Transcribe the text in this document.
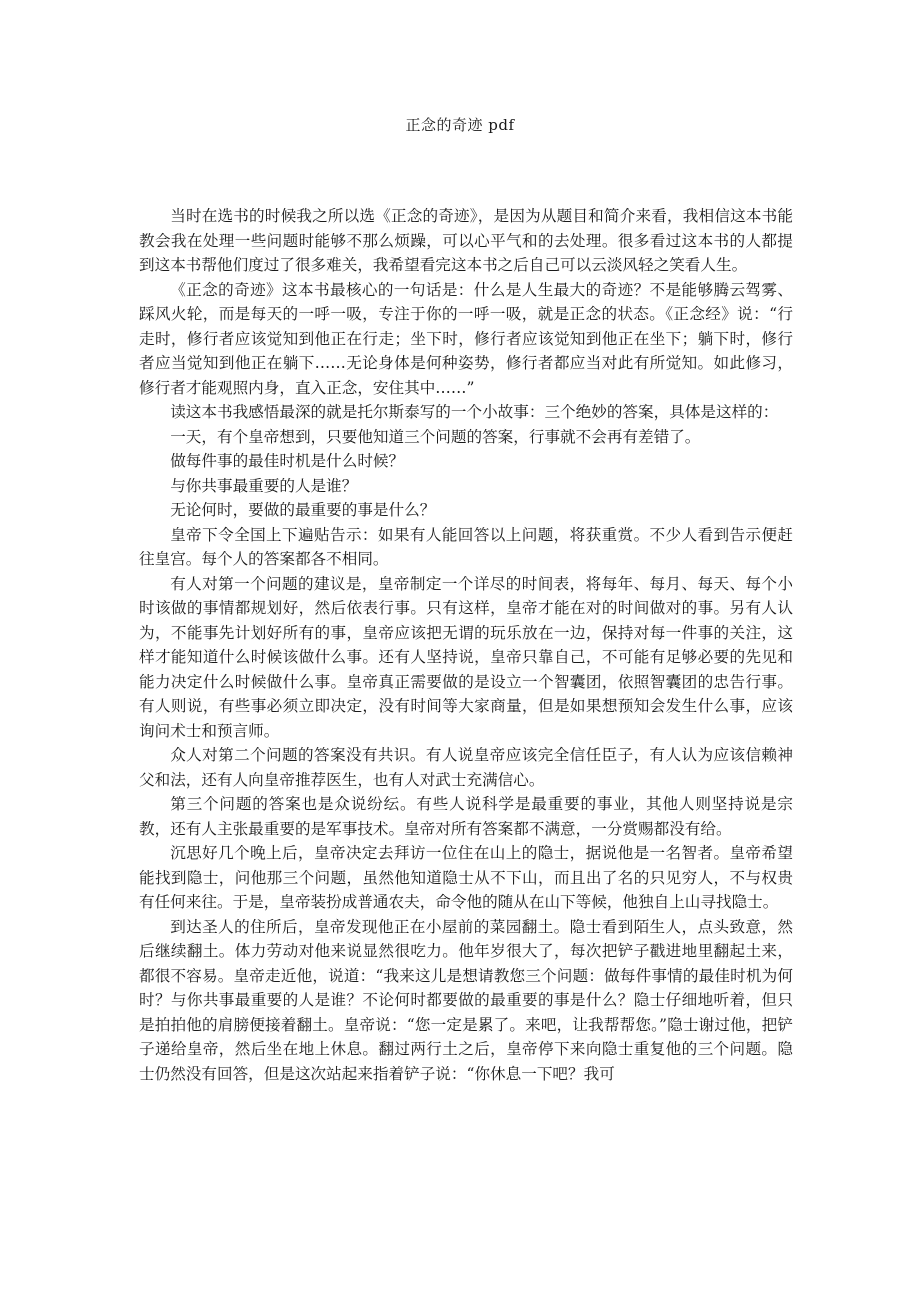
正念的奇迹 pdf

当时在选书的时候我之所以选《正念的奇迹》，是因为从题目和简介来看，我相信这本书能教会我在处理一些问题时能够不那么烦躁，可以心平气和的去处理。很多看过这本书的人都提到这本书帮他们度过了很多难关，我希望看完这本书之后自己可以云淡风轻之笑看人生。

《正念的奇迹》这本书最核心的一句话是：什么是人生最大的奇迹？不是能够腾云驾雾、踩风火轮，而是每天的一呼一吸，专注于你的一呼一吸，就是正念的状态。《正念经》说：“行走时，修行者应该觉知到他正在行走；坐下时，修行者应该觉知到他正在坐下；躺下时，修行者应当觉知到他正在躺下……无论身体是何种姿势，修行者都应当对此有所觉知。如此修习，修行者才能观照内身，直入正念，安住其中……”

读这本书我感悟最深的就是托尔斯泰写的一个小故事：三个绝妙的答案，具体是这样的：

一天，有个皇帝想到，只要他知道三个问题的答案，行事就不会再有差错了。

做每件事的最佳时机是什么时候？

与你共事最重要的人是谁？

无论何时，要做的最重要的事是什么？

皇帝下令全国上下遍贴告示：如果有人能回答以上问题，将获重赏。不少人看到告示便赶往皇宫。每个人的答案都各不相同。

有人对第一个问题的建议是，皇帝制定一个详尽的时间表，将每年、每月、每天、每个小时该做的事情都规划好，然后依表行事。只有这样，皇帝才能在对的时间做对的事。另有人认为，不能事先计划好所有的事，皇帝应该把无谓的玩乐放在一边，保持对每一件事的关注，这样才能知道什么时候该做什么事。还有人坚持说，皇帝只靠自己，不可能有足够必要的先见和能力决定什么时候做什么事。皇帝真正需要做的是设立一个智囊团，依照智囊团的忠告行事。有人则说，有些事必须立即决定，没有时间等大家商量，但是如果想预知会发生什么事，应该询问术士和预言师。

众人对第二个问题的答案没有共识。有人说皇帝应该完全信任臣子，有人认为应该信赖神父和法，还有人向皇帝推荐医生，也有人对武士充满信心。

第三个问题的答案也是众说纷纭。有些人说科学是最重要的事业，其他人则坚持说是宗教，还有人主张最重要的是军事技术。皇帝对所有答案都不满意，一分赏赐都没有给。

沉思好几个晚上后，皇帝决定去拜访一位住在山上的隐士，据说他是一名智者。皇帝希望能找到隐士，问他那三个问题，虽然他知道隐士从不下山，而且出了名的只见穷人，不与权贵有任何来往。于是，皇帝装扮成普通农夫，命令他的随从在山下等候，他独自上山寻找隐士。

到达圣人的住所后，皇帝发现他正在小屋前的菜园翻土。隐士看到陌生人，点头致意，然后继续翻土。体力劳动对他来说显然很吃力。他年岁很大了，每次把铲子戳进地里翻起土来，都很不容易。皇帝走近他，说道：“我来这儿是想请教您三个问题：做每件事情的最佳时机为何时？与你共事最重要的人是谁？不论何时都要做的最重要的事是什么？隐士仔细地听着，但只是拍拍他的肩膀便接着翻土。皇帝说：“您一定是累了。来吧，让我帮帮您。”隐士谢过他，把铲子递给皇帝，然后坐在地上休息。翻过两行土之后，皇帝停下来向隐士重复他的三个问题。隐士仍然没有回答，但是这次站起来指着铲子说：“你休息一下吧？我可
